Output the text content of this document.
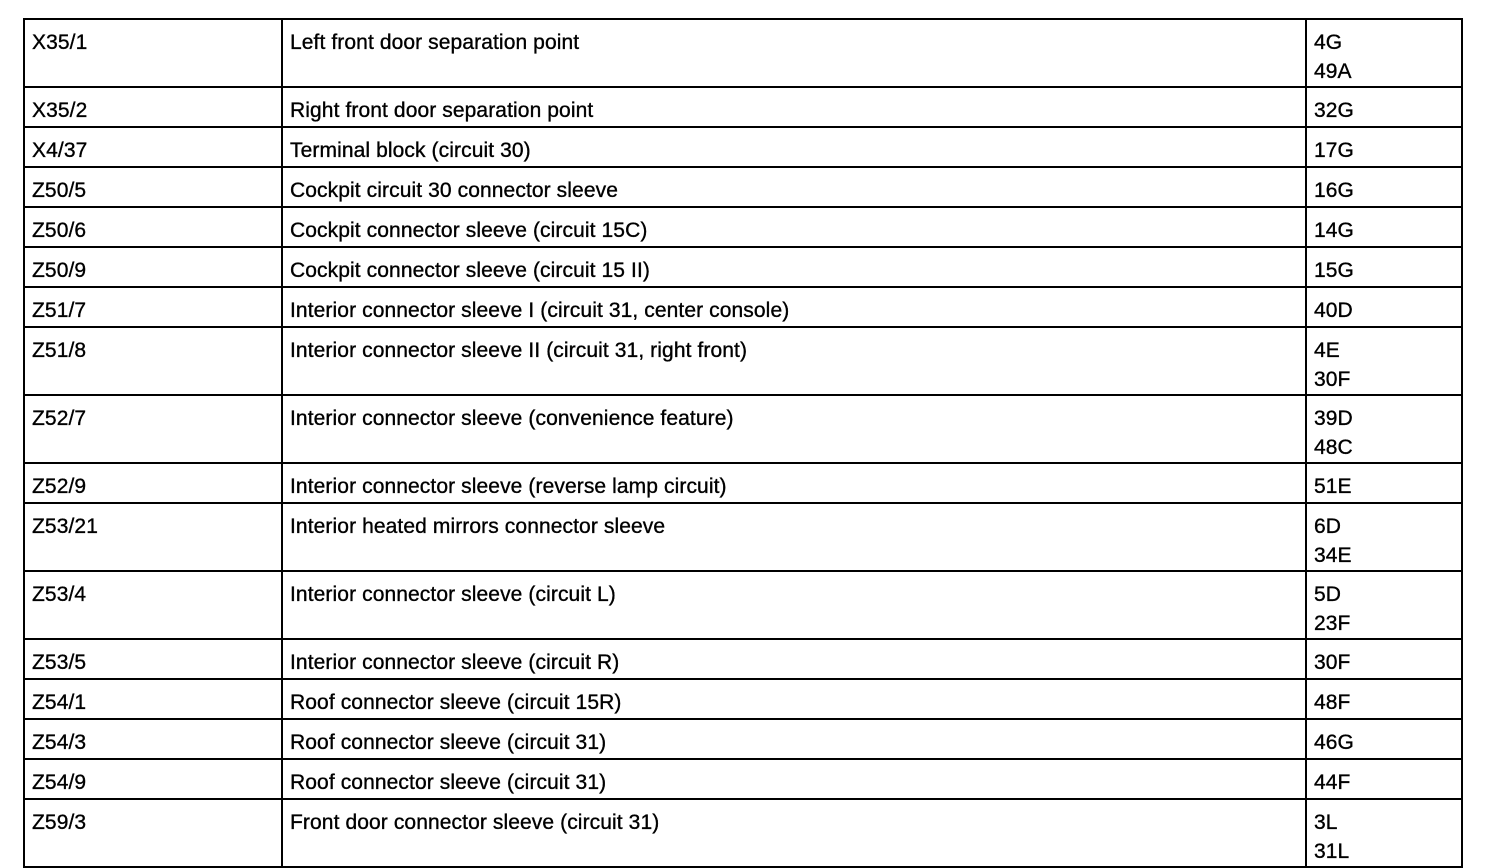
X35/1	Left front door separation point	4G
49A

X35/2	Right front door separation point	32G

X4/37	Terminal block (circuit 30)	17G

Z50/5	Cockpit circuit 30 connector sleeve	16G

Z50/6	Cockpit connector sleeve (circuit 15C)	14G

Z50/9	Cockpit connector sleeve (circuit 15 II)	15G

Z51/7	Interior connector sleeve I (circuit 31, center console)	40D

Z51/8	Interior connector sleeve II (circuit 31, right front)	4E
30F

Z52/7	Interior connector sleeve (convenience feature)	39D
48C

Z52/9	Interior connector sleeve (reverse lamp circuit)	51E

Z53/21	Interior heated mirrors connector sleeve	6D
34E

Z53/4	Interior connector sleeve (circuit L)	5D
23F

Z53/5	Interior connector sleeve (circuit R)	30F

Z54/1	Roof connector sleeve (circuit 15R)	48F

Z54/3	Roof connector sleeve (circuit 31)	46G

Z54/9	Roof connector sleeve (circuit 31)	44F

Z59/3	Front door connector sleeve (circuit 31)	3L
31L
